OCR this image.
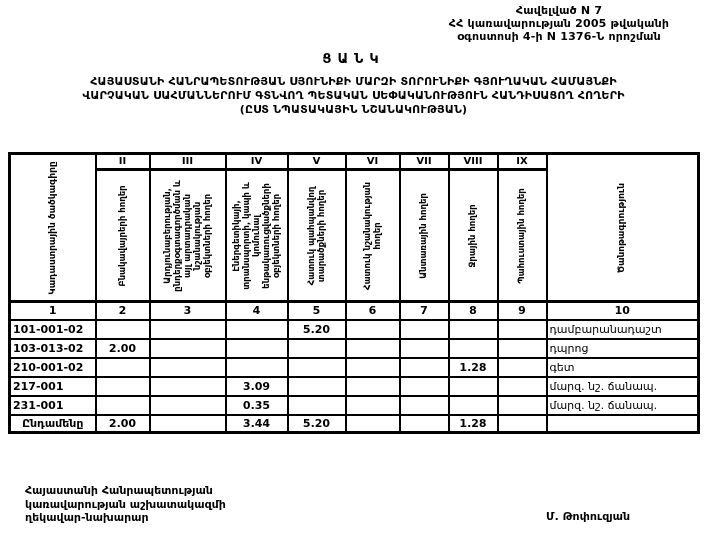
Հավելված N 7
ՀՀ կառավարության 2005 թվականի
օգոստոսի 4-ի N 1376-Ն որոշման
ՑԱՆԿ
ՀԱՅԱՍՏԱՆԻ ՀԱՆՐԱՊԵՏՈՒԹՅԱՆ ՍՅՈՒՆԻՔԻ ՄԱՐԶԻ ՏՈՐՈՒՆԻՔԻ ԳՅՈՒՂԱԿԱՆ ՀԱՄԱՅՆՔԻ
ՎԱՐՉԱԿԱՆ ՍԱՀՄԱՆՆԵՐՈՒՄ ԳՏՆՎՈՂ ՊԵՏԱԿԱՆ ՍԵՓԱԿԱՆՈՒԹՅՈՒՆ ՀԱՆԴԻՍԱՑՈՂ ՀՈՂԵՐԻ
(ԸՍՏ ՆՊԱՏԱԿԱՅԻՆ ՆՇԱՆԱԿՈՒԹՅԱՆ)
Կադաստրային ծածկագիրը	II	III	IV	V	VI	VII	VIII	IX	Ծանոթագրություն

	Բնակավայրերի հողեր	Արդյունաբերության, ընդերքօգտագործման և այլ արտադրական նշանակության օբյեկտների հողեր	Էներգետիկայի, տրանսպորտի, կապի և կոմունալ ենթակառուցվածքների օբյեկտների հողեր	Հատուկ պահպանվող տարածքների հողեր	Հատուկ նշանակության հողեր	Անտառային հողեր	Ջրային հողեր	Պահուստային հողեր	

1	2	3	4	5	6	7	8	9	10
101-001-02				5.20					դամբարանադաշտ
103-013-02	2.00								դպրոց
210-001-02							1.28		գետ
217-001			3.09						մարզ. նշ. ճանապ.
231-001			0.35						մարզ. նշ. ճանապ.
Ընդամենը	2.00		3.44	5.20			1.28		
Հայաստանի Հանրապետության
կառավարության աշխատակազմի
ղեկավար-նախարար	Մ. Թոփուզյան
